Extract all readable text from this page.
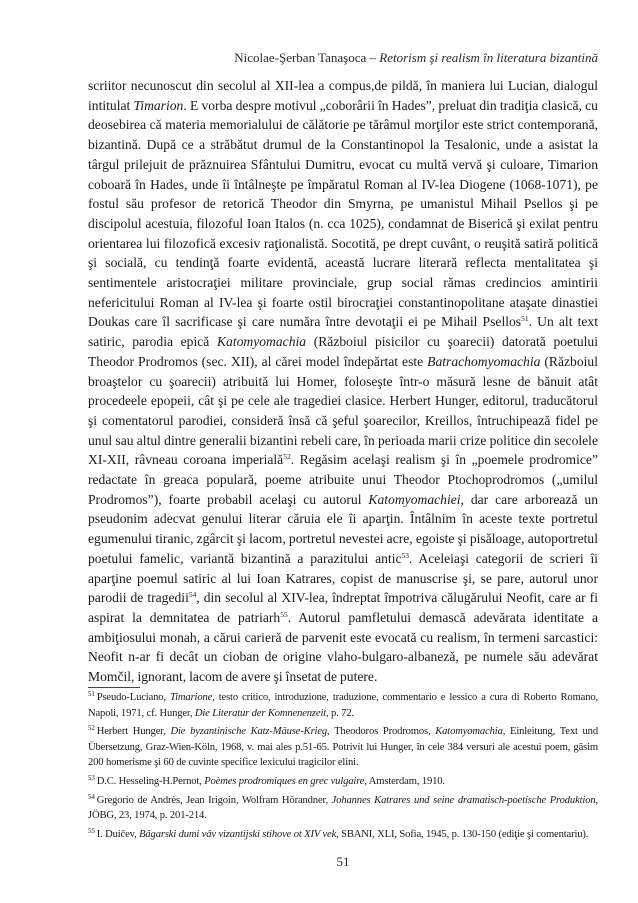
Nicolae-Şerban Tanaşoca – Retorism şi realism în literatura bizantină

scriitor necunoscut din secolul al XII-lea a compus,de pildă, în maniera lui Lucian, dialogul intitulat Timarion. E vorba despre motivul „coborârii în Hades”, preluat din tradiţia clasică, cu deosebirea că materia memorialului de călătorie pe tărâmul morţilor este strict contemporană, bizantină. După ce a străbătut drumul de la Constantinopol la Tesalonic, unde a asistat la târgul prilejuit de prăznuirea Sfântului Dumitru, evocat cu multă vervă şi culoare, Timarion coboară în Hades, unde îi întâlneşte pe împăratul Roman al IV-lea Diogene (1068-1071), pe fostul său profesor de retorică Theodor din Smyrna, pe umanistul Mihail Psellos şi pe discipolul acestuia, filozoful Ioan Italos (n. cca 1025), condamnat de Biserică şi exilat pentru orientarea lui filozofică excesiv raţionalistă. Socotită, pe drept cuvânt, o reuşită satiră politică şi socială, cu tendinţă foarte evidentă, această lucrare literară reflecta mentalitatea şi sentimentele aristocraţiei militare provinciale, grup social rămas credincios amintirii nefericitului Roman al IV-lea şi foarte ostil birocraţiei constantinopolitane ataşate dinastiei Doukas care îl sacrificase şi care număra între devotaţii ei pe Mihail Psellos$^{51}$. Un alt text satiric, parodia epică Katomyomachia (Războiul pisicilor cu şoarecii) datorată poetului Theodor Prodromos (sec. XII), al cărei model îndepărtat este Batrachomyomachia (Războiul broaştelor cu şoarecii) atribuită lui Homer, foloseşte într-o măsură lesne de bănuit atât procedeele epopeii, cât şi pe cele ale tragediei clasice. Herbert Hunger, editorul, traducătorul şi comentatorul parodiei, consideră însă că şeful şoarecilor, Kreillos, întruchipează fidel pe unul sau altul dintre generalii bizantini rebeli care, în perioada marii crize politice din secolele XI-XII, râvneau coroana imperială$^{52}$. Regăsim acelaşi realism şi în „poemele prodromice” redactate în greaca populară, poeme atribuite unui Theodor Ptochoprodromos („umilul Prodromos”), foarte probabil acelaşi cu autorul Katomyomachiei, dar care arborează un pseudonim adecvat genului literar căruia ele îi aparţin. Întâlnim în aceste texte portretul egumenului tiranic, zgârcit şi lacom, portretul nevestei acre, egoiste şi pisăloage, autoportretul poetului famelic, variantă bizantină a parazitului antic$^{53}$. Aceleiaşi categorii de scrieri îi aparţine poemul satiric al lui Ioan Katrares, copist de manuscrise şi, se pare, autorul unor parodii de tragedii$^{54}$, din secolul al XIV-lea, îndreptat împotriva călugărului Neofit, care ar fi aspirat la demnitatea de patriarh$^{55}$. Autorul pamfletului demască adevărata identitate a ambiţiosului monah, a cărui carieră de parvenit este evocată cu realism, în termeni sarcastici: Neofit n-ar fi decât un cioban de origine vlaho-bulgaro-albaneză, pe numele său adevărat Momčil, ignorant, lacom de avere şi însetat de putere.

$^{51}$ Pseudo-Luciano, Timarione, testo critico, introduzione, traduzione, commentario e lessico a cura di Roberto Romano, Napoli, 1971, cf. Hunger, Die Literatur der Komnenenzeit, p. 72.

$^{52}$ Herbert Hunger, Die byzantinische Katz-Mäuse-Krieg, Theodoros Prodromos, Katomyomachia, Einleitung, Text und Übersetzung, Graz-Wien-Köln, 1968, v. mai ales p.51-65. Potrivit lui Hunger, în cele 384 versuri ale acestui poem, găsim 200 homerisme şi 60 de cuvinte specifice lexicului tragicilor elini.

$^{53}$ D.C. Hesseling-H.Pernot, Poèmes prodromiques en grec vulgaire, Amsterdam, 1910.

$^{54}$ Gregorio de Andrès, Jean Irigoin, Wolfram Hörandner, Johannes Katrares und seine dramatisch-poetische Produktion, JÖBG, 23, 1974, p. 201-214.

$^{55}$ I. Duičev, Bâgarski dumi vâv vizantijski stihove ot XIV vek, SBANI, XLI, Sofia, 1945, p. 130-150 (ediţie şi comentariu).

51
